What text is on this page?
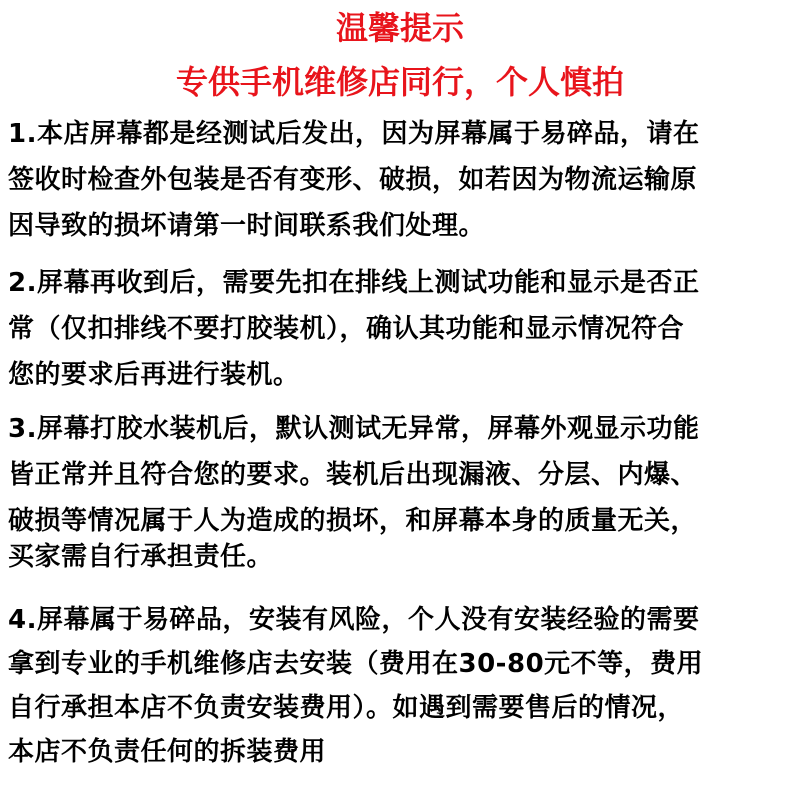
温馨提示
专供手机维修店同行，个人慎拍
1.本店屏幕都是经测试后发出，因为屏幕属于易碎品，请在
签收时检查外包装是否有变形、破损，如若因为物流运输原
因导致的损坏请第一时间联系我们处理。
2.屏幕再收到后，需要先扣在排线上测试功能和显示是否正
常（仅扣排线不要打胶装机），确认其功能和显示情况符合
您的要求后再进行装机。
3.屏幕打胶水装机后，默认测试无异常，屏幕外观显示功能
皆正常并且符合您的要求。装机后出现漏液、分层、内爆、
破损等情况属于人为造成的损坏，和屏幕本身的质量无关，
买家需自行承担责任。
4.屏幕属于易碎品，安装有风险，个人没有安装经验的需要
拿到专业的手机维修店去安装（费用在30-80元不等，费用
自行承担本店不负责安装费用）。如遇到需要售后的情况，
本店不负责任何的拆装费用
